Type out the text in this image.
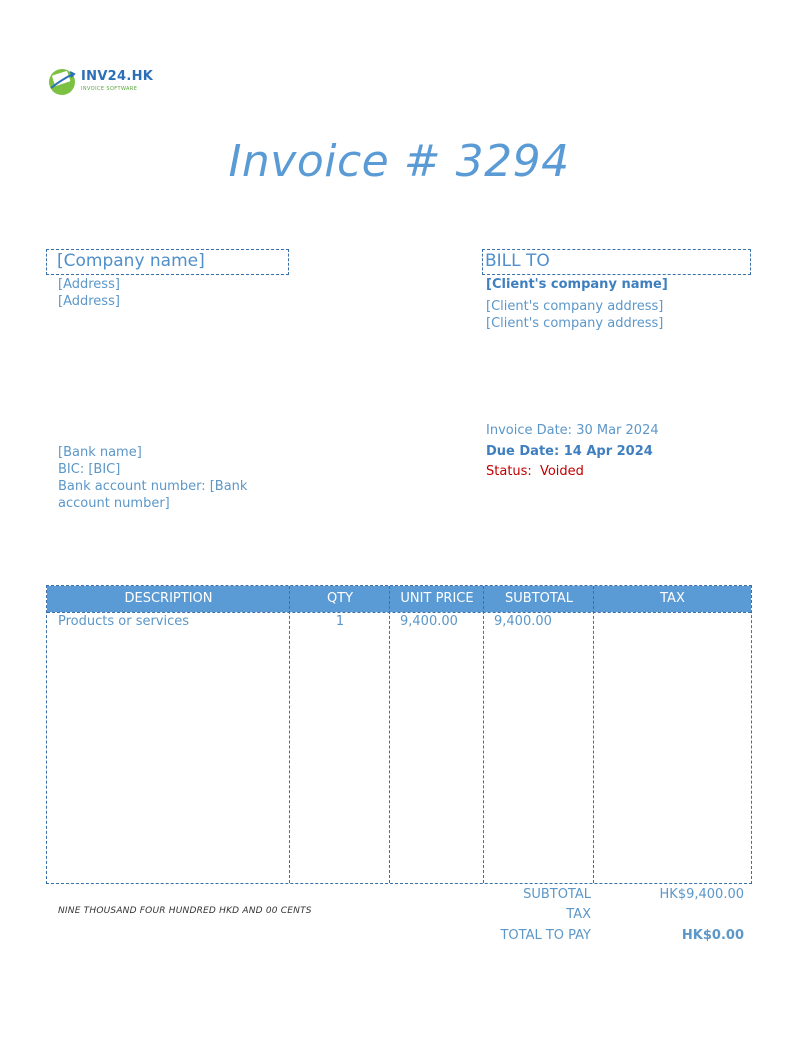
INV24.HK
INVOICE SOFTWARE
Invoice # 3294
[Company name]
[Address]
[Address]
BILL TO
[Client's company name]
[Client's company address]
[Client's company address]
[Bank name]
BIC: [BIC]
Bank account number: [Bank
account number]
Invoice Date: 30 Mar 2024
Due Date: 14 Apr 2024
Status: Voided
DESCRIPTION	QTY	UNIT PRICE	SUBTOTAL	TAX
Products or services	1	9,400.00	9,400.00
NINE THOUSAND FOUR HUNDRED HKD AND 00 CENTS
SUBTOTAL	HK$9,400.00
TAX
TOTAL TO PAY	HK$0.00
